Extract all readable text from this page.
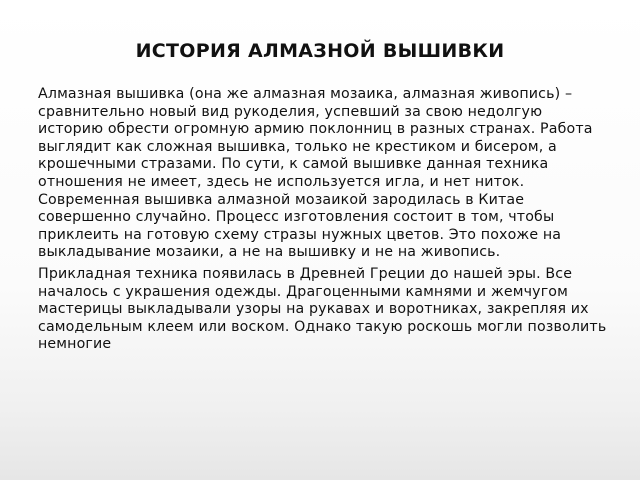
ИСТОРИЯ АЛМАЗНОЙ ВЫШИВКИ

Алмазная вышивка (она же алмазная мозаика, алмазная живопись) – сравнительно новый вид рукоделия, успевший за свою недолгую историю обрести огромную армию поклонниц в разных странах. Работа выглядит как сложная вышивка, только не крестиком и бисером, а крошечными стразами. По сути, к самой вышивке данная техника отношения не имеет, здесь не используется игла, и нет ниток. Современная вышивка алмазной мозаикой зародилась в Китае совершенно случайно. Процесс изготовления состоит в том, чтобы приклеить на готовую схему стразы нужных цветов. Это похоже на выкладывание мозаики, а не на вышивку и не на живопись.

Прикладная техника появилась в Древней Греции до нашей эры. Все началось с украшения одежды. Драгоценными камнями и жемчугом мастерицы выкладывали узоры на рукавах и воротниках, закрепляя их самодельным клеем или воском. Однако такую роскошь могли позволить немногие
